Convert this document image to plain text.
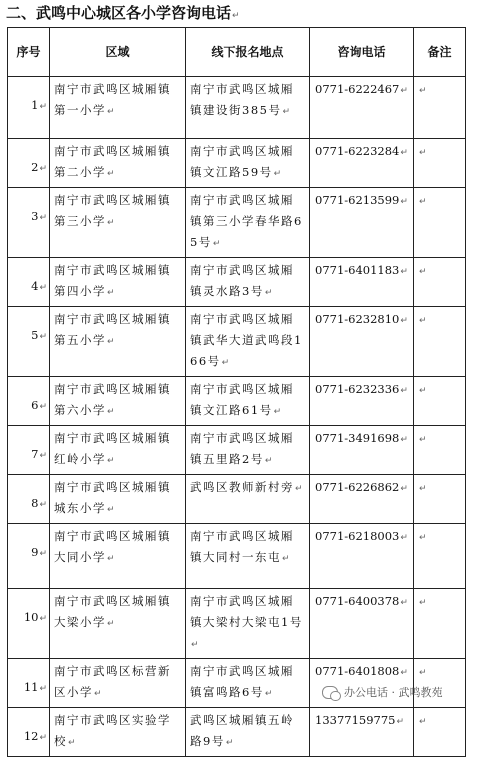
二、武鸣中心城区各小学咨询电话↵
序号	区域	线下报名地点	咨询电话	备注

1↵	南宁市武鸣区城厢镇第一小学↵	南宁市武鸣区城厢镇建设街385号↵	0771-6222467↵	↵

2↵	南宁市武鸣区城厢镇第二小学↵	南宁市武鸣区城厢镇文江路59号↵	0771-6223284↵	↵

3↵	南宁市武鸣区城厢镇第三小学↵	南宁市武鸣区城厢镇第三小学春华路65号↵	0771-6213599↵	↵

4↵	南宁市武鸣区城厢镇第四小学↵	南宁市武鸣区城厢镇灵水路3号↵	0771-6401183↵	↵

5↵	南宁市武鸣区城厢镇第五小学↵	南宁市武鸣区城厢镇武华大道武鸣段166号↵	0771-6232810↵	↵

6↵	南宁市武鸣区城厢镇第六小学↵	南宁市武鸣区城厢镇文江路61号↵	0771-6232336↵	↵

7↵	南宁市武鸣区城厢镇红岭小学↵	南宁市武鸣区城厢镇五里路2号↵	0771-3491698↵	↵

8↵	南宁市武鸣区城厢镇城东小学↵	武鸣区教师新村旁↵	0771-6226862↵	↵

9↵	南宁市武鸣区城厢镇大同小学↵	南宁市武鸣区城厢镇大同村一东屯↵	0771-6218003↵	↵

10↵	南宁市武鸣区城厢镇大梁小学↵	南宁市武鸣区城厢镇大梁村大梁屯1号↵	0771-6400378↵	↵

11↵	南宁市武鸣区标营新区小学↵	南宁市武鸣区城厢镇富鸣路6号↵	0771-6401808↵	↵

12↵	南宁市武鸣区实验学校↵	武鸣区城厢镇五岭路9号↵	13377159775↵	↵
办公电话 · 武鸣教苑
